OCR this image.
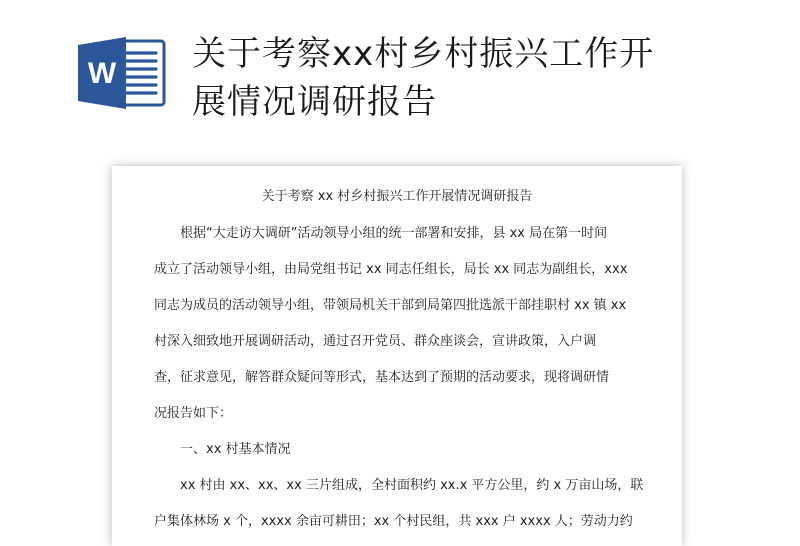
W 关于考察xx村乡村振兴工作开
展情况调研报告
关于考察 xx 村乡村振兴工作开展情况调研报告
　　根据“大走访大调研”活动领导小组的统一部署和安排，县 xx 局在第一时间
成立了活动领导小组，由局党组书记 xx 同志任组长，局长 xx 同志为副组长，xxx
同志为成员的活动领导小组，带领局机关干部到局第四批选派干部挂职村 xx 镇 xx
村深入细致地开展调研活动，通过召开党员、群众座谈会，宣讲政策，入户调
查，征求意见，解答群众疑问等形式，基本达到了预期的活动要求，现将调研情
况报告如下：
　　一、xx 村基本情况
　　xx 村由 xx、xx、xx 三片组成，全村面积约 xx.x 平方公里，约 x 万亩山场，联
户集体林场 x 个，xxxx 余亩可耕田；xx 个村民组，共 xxx 户 xxxx 人；劳动力约
